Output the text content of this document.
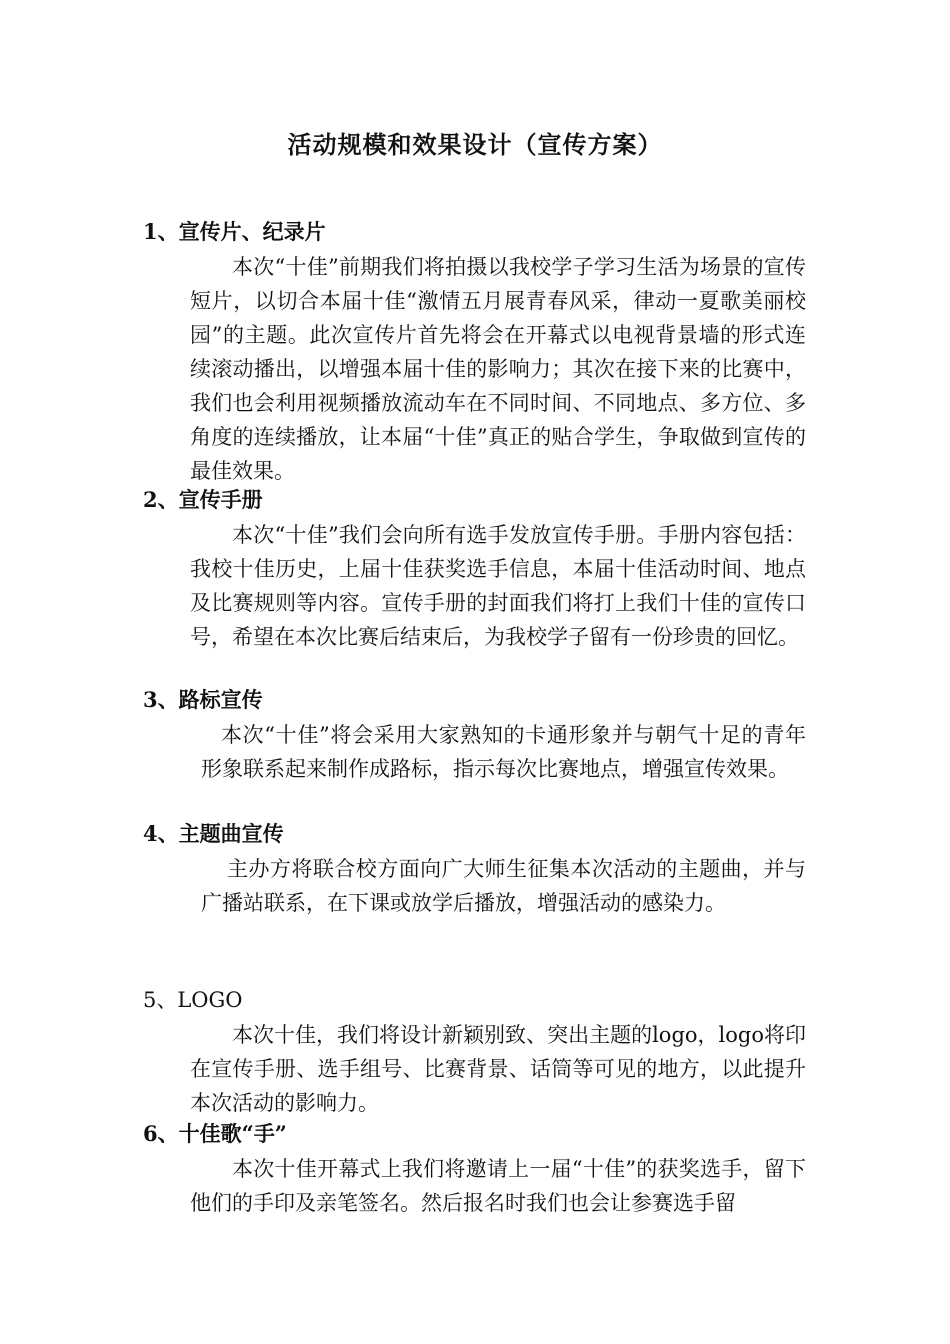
活动规模和效果设计（宣传方案）
1、宣传片、纪录片
本次“十佳”前期我们将拍摄以我校学子学习生活为场景的宣传短片，以切合本届十佳“激情五月展青春风采，律动一夏歌美丽校园”的主题。此次宣传片首先将会在开幕式以电视背景墙的形式连续滚动播出，以增强本届十佳的影响力；其次在接下来的比赛中，我们也会利用视频播放流动车在不同时间、不同地点、多方位、多角度的连续播放，让本届“十佳”真正的贴合学生，争取做到宣传的最佳效果。
2、宣传手册
本次“十佳”我们会向所有选手发放宣传手册。手册内容包括：我校十佳历史，上届十佳获奖选手信息，本届十佳活动时间、地点及比赛规则等内容。宣传手册的封面我们将打上我们十佳的宣传口号，希望在本次比赛后结束后，为我校学子留有一份珍贵的回忆。
3、路标宣传
本次“十佳”将会采用大家熟知的卡通形象并与朝气十足的青年形象联系起来制作成路标，指示每次比赛地点，增强宣传效果。
4、主题曲宣传
主办方将联合校方面向广大师生征集本次活动的主题曲，并与广播站联系，在下课或放学后播放，增强活动的感染力。
5、LOGO
本次十佳，我们将设计新颖别致、突出主题的logo，logo将印在宣传手册、选手组号、比赛背景、话筒等可见的地方，以此提升本次活动的影响力。
6、十佳歌“手”
本次十佳开幕式上我们将邀请上一届“十佳”的获奖选手，留下他们的手印及亲笔签名。然后报名时我们也会让参赛选手留
